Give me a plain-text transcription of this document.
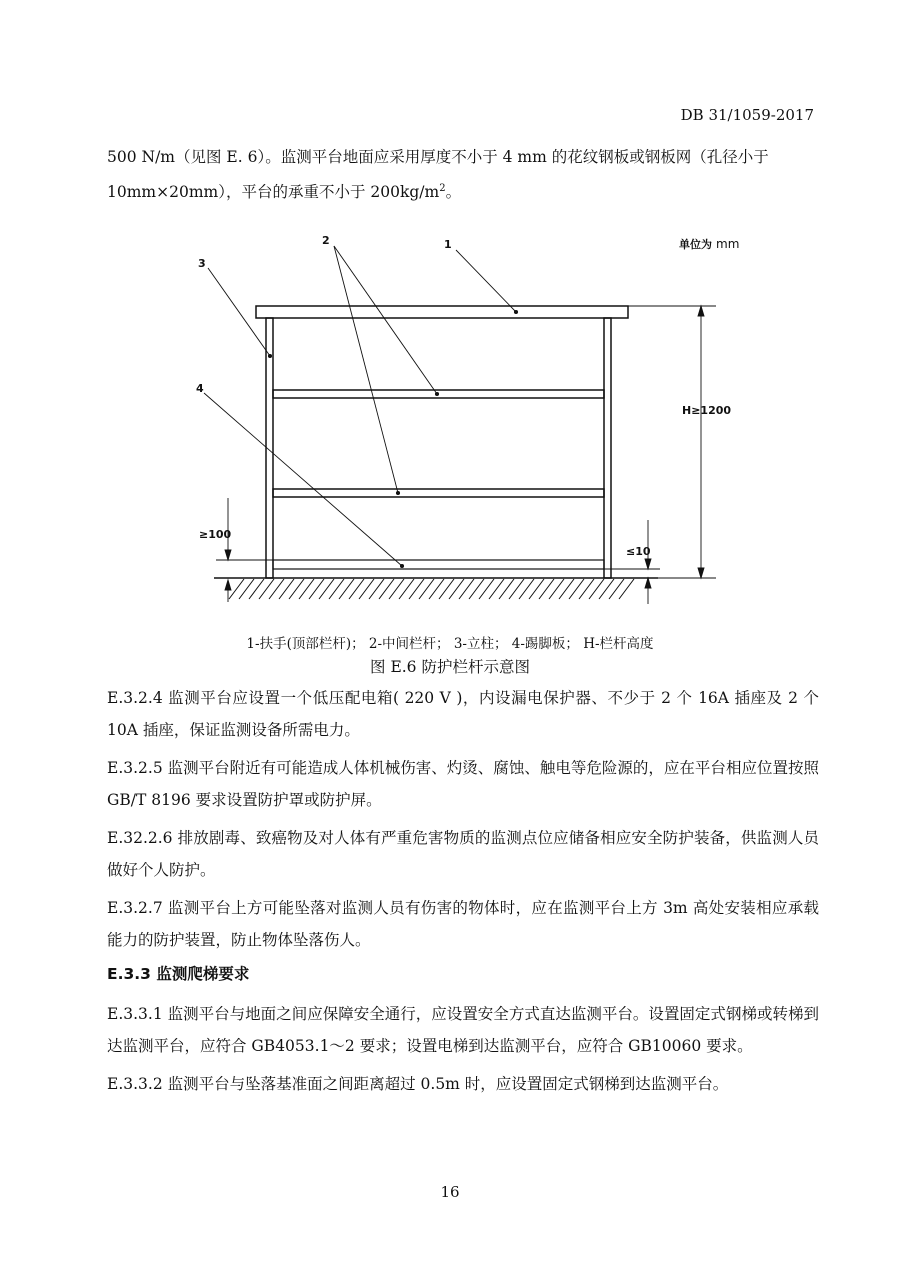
DB 31/1059-2017

500 N/m（见图 E. 6）。监测平台地面应采用厚度不小于 4 mm 的花纹钢板或钢板网（孔径小于

10mm×20mm），平台的承重不小于 $200kg/m^2$。

1
2
3
4
单位为 mm
H≥1200
≥100
≤10
1-扶手(顶部栏杆)； 2-中间栏杆； 3-立柱； 4-踢脚板； H-栏杆高度
图 E.6 防护栏杆示意图

E.3.2.4 监测平台应设置一个低压配电箱( 220 V )，内设漏电保护器、不少于 2 个 16A 插座及 2 个 10A 插座，保证监测设备所需电力。

E.3.2.5 监测平台附近有可能造成人体机械伤害、灼烫、腐蚀、触电等危险源的，应在平台相应位置按照 GB/T 8196 要求设置防护罩或防护屏。

E.32.2.6 排放剧毒、致癌物及对人体有严重危害物质的监测点位应储备相应安全防护装备，供监测人员做好个人防护。

E.3.2.7 监测平台上方可能坠落对监测人员有伤害的物体时，应在监测平台上方 3m 高处安装相应承载能力的防护装置，防止物体坠落伤人。

E.3.3 监测爬梯要求

E.3.3.1 监测平台与地面之间应保障安全通行，应设置安全方式直达监测平台。设置固定式钢梯或转梯到达监测平台，应符合 GB4053.1～2 要求；设置电梯到达监测平台，应符合 GB10060 要求。

E.3.3.2 监测平台与坠落基准面之间距离超过 0.5m 时，应设置固定式钢梯到达监测平台。

16
